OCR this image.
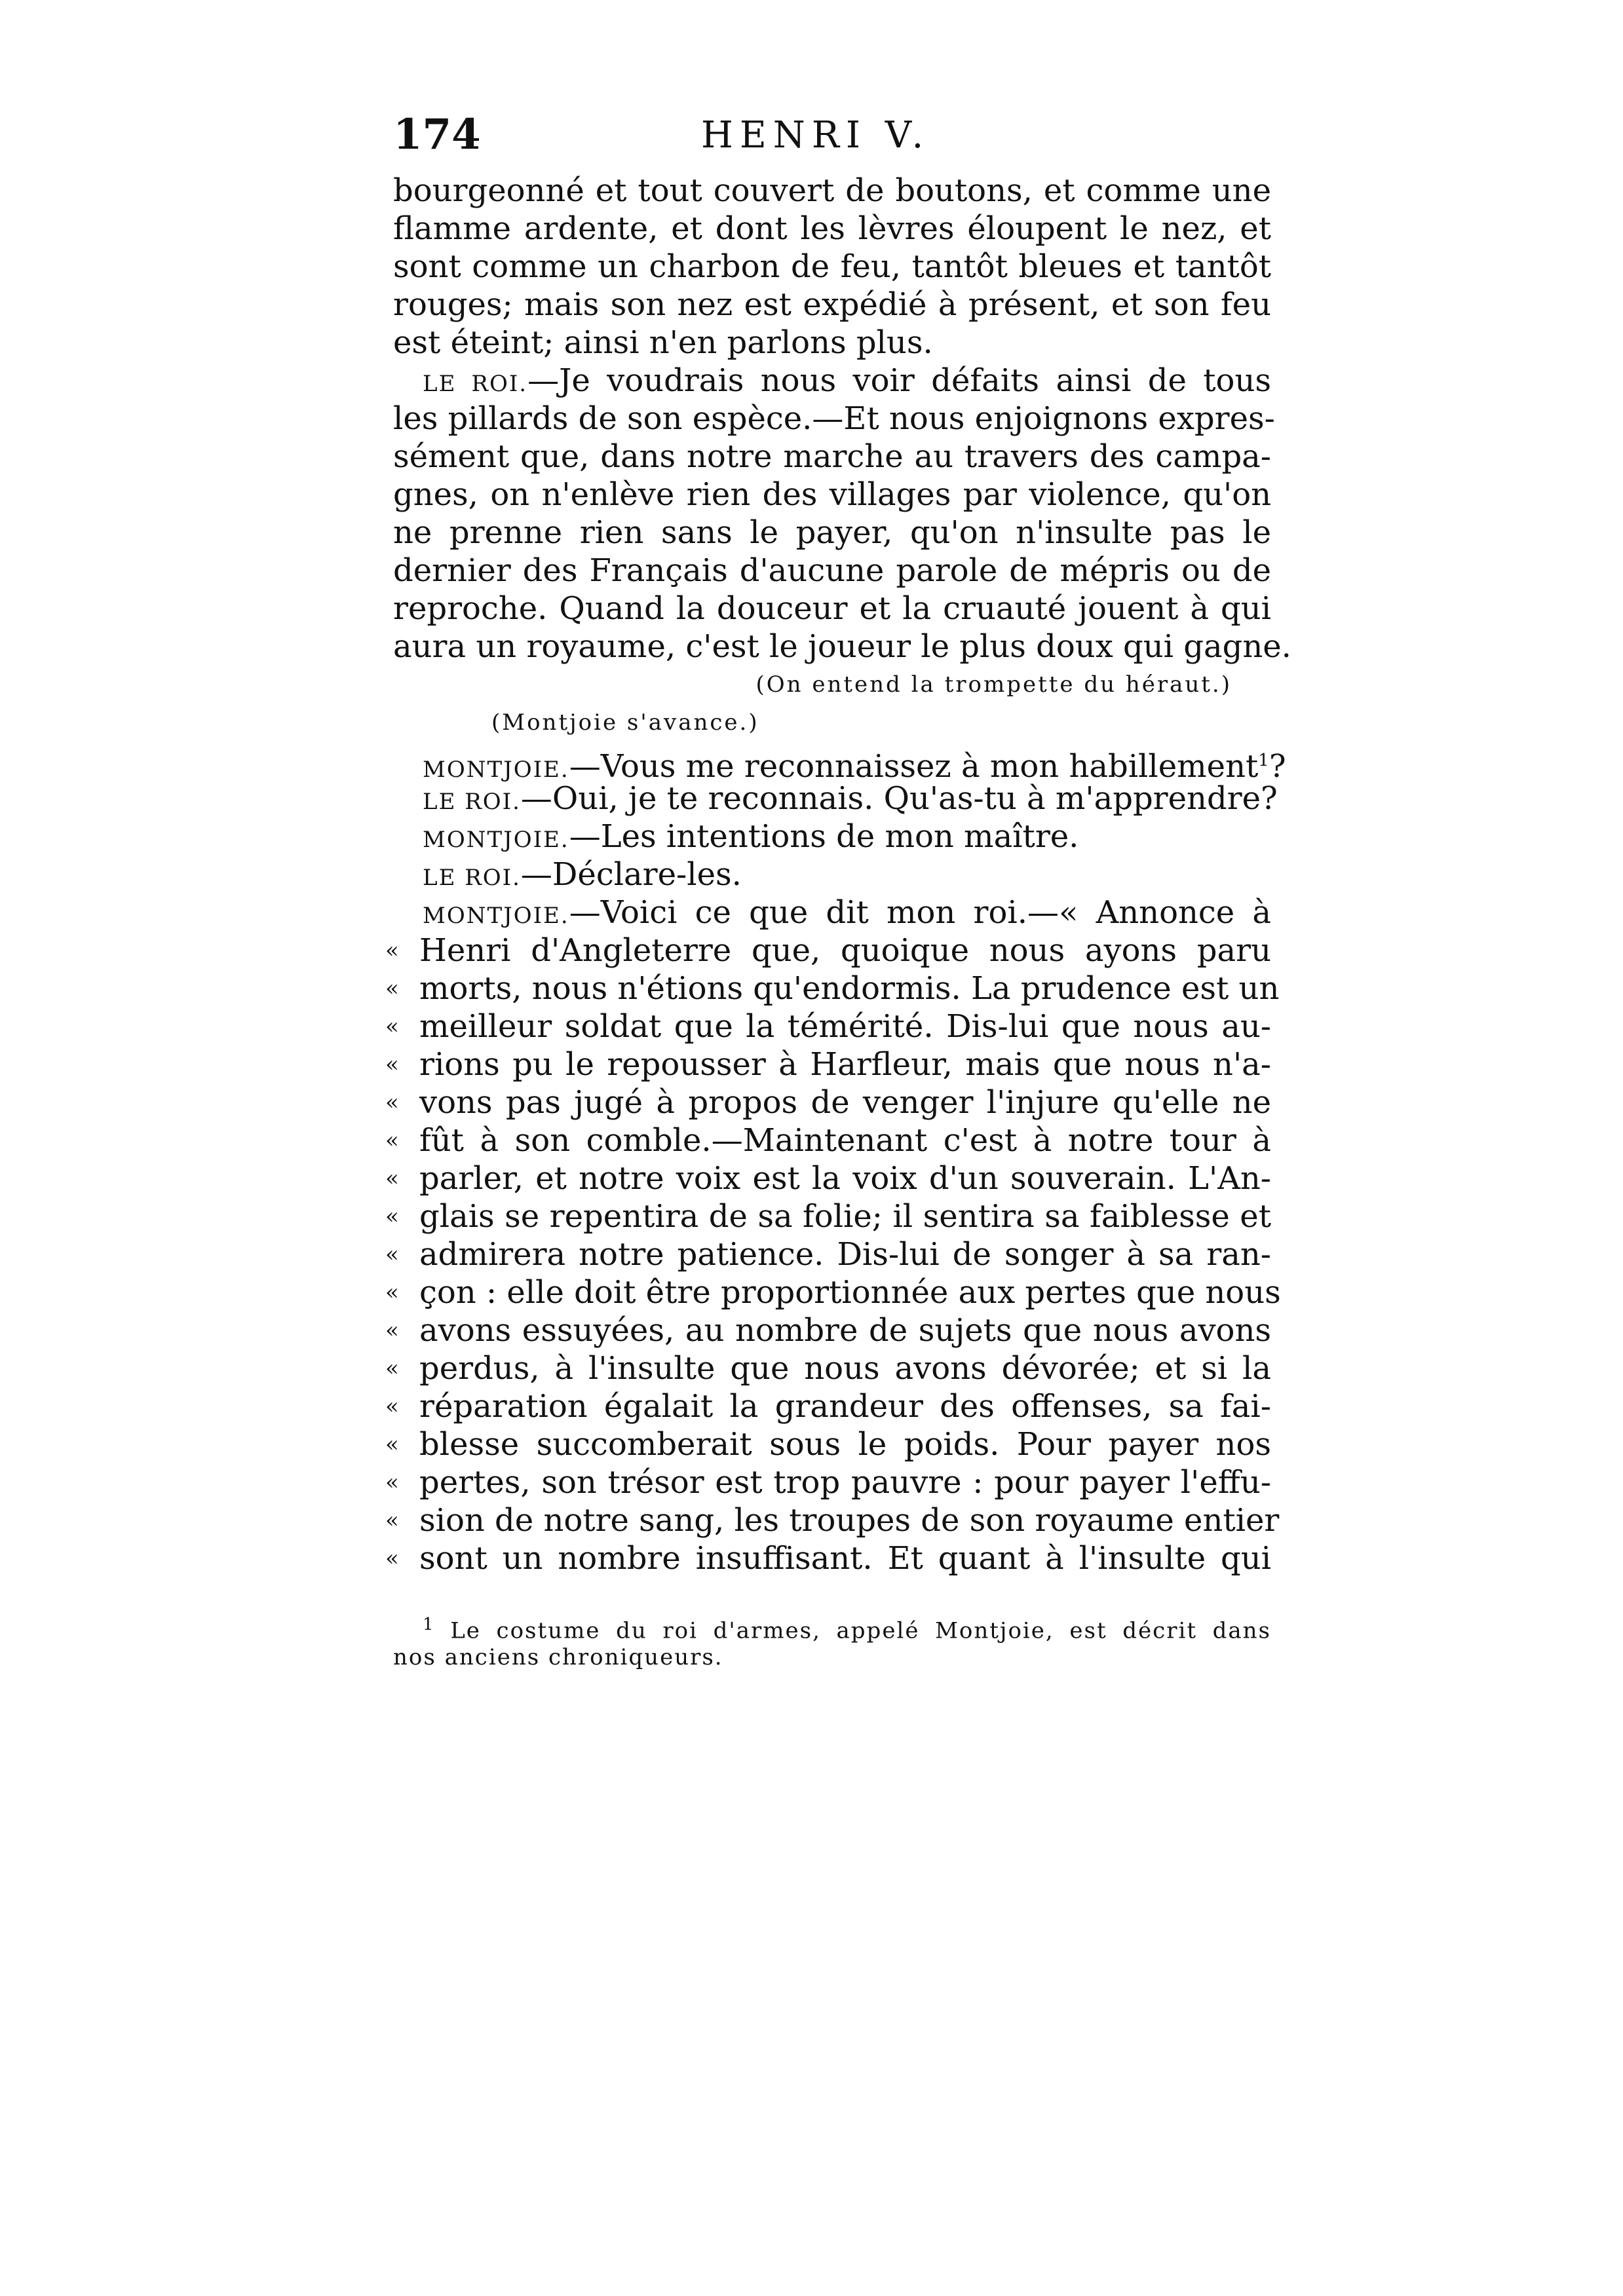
174	HENRI V.
bourgeonné et tout couvert de boutons, et comme une
flamme ardente, et dont les lèvres éloupent le nez, et
sont comme un charbon de feu, tantôt bleues et tantôt
rouges; mais son nez est expédié à présent, et son feu
est éteint; ainsi n'en parlons plus.
LE ROI.—Je voudrais nous voir défaits ainsi de tous
les pillards de son espèce.—Et nous enjoignons expres-
sément que, dans notre marche au travers des campa-
gnes, on n'enlève rien des villages par violence, qu'on
ne prenne rien sans le payer, qu'on n'insulte pas le
dernier des Français d'aucune parole de mépris ou de
reproche. Quand la douceur et la cruauté jouent à qui
aura un royaume, c'est le joueur le plus doux qui gagne.
(On entend la trompette du héraut.)
(Montjoie s'avance.)
MONTJOIE.—Vous me reconnaissez à mon habillement$^1$?
LE ROI.—Oui, je te reconnais. Qu'as-tu à m'apprendre?
MONTJOIE.—Les intentions de mon maître.
LE ROI.—Déclare-les.
MONTJOIE.—Voici ce que dit mon roi.—« Annonce à
« Henri d'Angleterre que, quoique nous ayons paru
« morts, nous n'étions qu'endormis. La prudence est un
« meilleur soldat que la témérité. Dis-lui que nous au-
« rions pu le repousser à Harfleur, mais que nous n'a-
« vons pas jugé à propos de venger l'injure qu'elle ne
« fût à son comble.—Maintenant c'est à notre tour à
« parler, et notre voix est la voix d'un souverain. L'An-
« glais se repentira de sa folie; il sentira sa faiblesse et
« admirera notre patience. Dis-lui de songer à sa ran-
« çon : elle doit être proportionnée aux pertes que nous
« avons essuyées, au nombre de sujets que nous avons
« perdus, à l'insulte que nous avons dévorée; et si la
« réparation égalait la grandeur des offenses, sa fai-
« blesse succomberait sous le poids. Pour payer nos
« pertes, son trésor est trop pauvre : pour payer l'effu-
« sion de notre sang, les troupes de son royaume entier
« sont un nombre insuffisant. Et quant à l'insulte qui
$^1$ Le costume du roi d'armes, appelé Montjoie, est décrit dans
nos anciens chroniqueurs.
